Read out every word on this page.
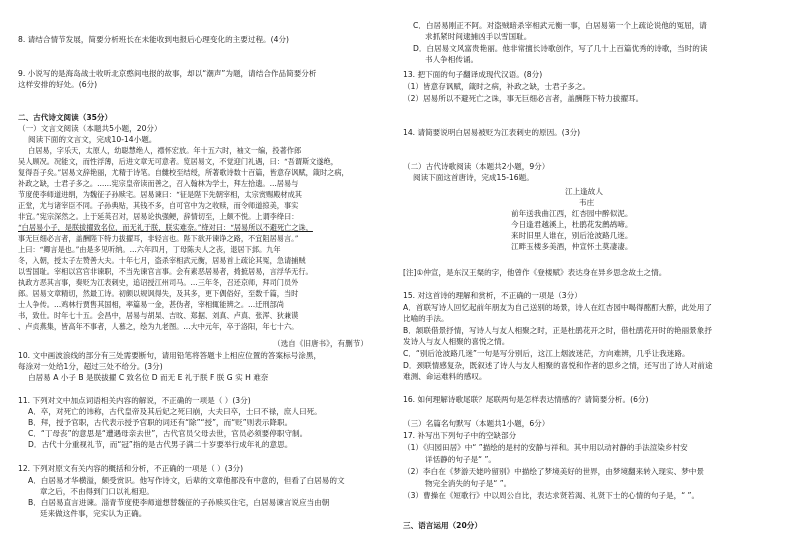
8. 请结合情节发展，简要分析班长在未能收到电报后心理变化的主要过程。(4分)
9. 小说写的是海岛战士收听北京憨间电报的故事，却以“潮声”为题，请结合作品简要分析
这样安排的好处。(6分)
二、古代诗文阅读（35分）
（一）文言文阅读（本题共5小题，20分）
阅读下面的文言文，完成10-14小题。
白居易，字乐天，太原人，幼聪慧绝人，襟怀宏放。年十五六时，袖文一编，投著作郎
吴人顾况。况能文，而性浮薄，后进文章无可意者。览居易文，不觉迎门礼遇，曰：“吾谓斯文遂绝，
复得吾子矣。”居易文辞艳丽，尤精于诗笔。自雠校至结绶，所著歌诗数十百篇，皆意存讽赋，箴时之病，
补政之缺，士君子多之。……宪宗皇帝读而善之，召入翰林为学士，拜左拾遗。…居易与
节度使李师道进绢，为魏征子孙赎宅。居易谏曰：“征是陛下先朝宰相，太宗赏赐殿材成其
正堂，尤与诸宰臣不同。子孙典贴，其钱不多，自可官中为之收赎，而令师道掠美，事实
非宜。”宪宗深然之。上于延英召对，居易论执强鲠，辞情切至，上颇不悦。上谓李绛曰：
“白居易小子，是朕拔擢致名位，而无礼于朕，朕实难奈。”绛对曰：“居易所以不避死亡之诛，
事无巨细必言者，盖酬陛下特力拔擢耳，非轻言也。陛下欲开谏诤之路，不宜阻居易言。”
上曰：“卿言是也。”由是多见听纳。…六年四月，丁母陈夫人之丧，退居下邽。九年
冬，入朝，授太子左赞善大夫。十年七月，盗杀宰相武元衡，居易首上疏论其冤，急请捕贼
以雪国耻。宰相以宫官非谏职，不当先谏官言事。会有素恶居易者，掎摭居易，言浮华无行。
执政方恶其言事，奏贬为江表刺史，追诏授江州司马。…三年冬，召还京师，拜司门员外
郎。居易文章精切，然最工诗。初颇以规讽得失，及其多，更下偶俗好，至数千篇，当时
士人争传。…鸡林行贾售其国相，率篇易一金，甚伪者，宰相辄能辨之。…迁刑部尚
书，致仕。时年七十五。会昌中，居易与胡杲、吉旼、郑据、刘真、卢真、张浑、狄兼谟
、卢贞燕集，皆高年不事者，人慕之，绘为九老图。…大中元年，卒于洛阳，年七十六。
（选自《旧唐书》，有删节）
10. 文中画波浪线的部分有三处需要断句，请用铅笔将答题卡上相应位置的答案标号涂黑，
每涂对一处给1分，超过三处不给分。(3分)
白居易 A 小子 B 是朕拔擢 C 致名位 D 而无 E 礼于朕 F 朕 G 实 H 难奈
11. 下列对文中加点词语相关内容的解说，不正确的一项是（ ）(3分)
A．卒，对死亡的讳称，古代皇帝及其后妃之死曰崩，大夫曰卒，士曰不禄，庶人曰死。
B．拜，授予官职，古代表示授予官职的词还有“除”“授”，而“贬”则表示降职。
C．“丁母丧”的意思是“遭遇母亲去世”，古代官员父母去世，官员必须要停职守制。
D．古代十分重视礼节，而“冠”指的是古代男子满二十岁要举行成年礼的意思。
12. 下列对原文有关内容的概括和分析，不正确的一项是（ ）(3分)
A．白居易才华横溢，颇受赏识。他写作诗文，后辈的文章他都没有中意的，但看了白居易的文
章之后，不由得到门口以礼相迎。
B．白居易直言进谏。淄青节度使李师道想替魏征的子孙赎买住宅，白居易谏言说应当由朝
廷来做这件事，完实认为正确。
C．白居易刚正不阿。对盗贼暗杀宰相武元衡一事，白居易第一个上疏论说他的冤屈，请
求抓紧时间逮捕凶手以雪国耻。
D．白居易文风富贵艳丽。他非常擅长诗歌创作，写了几十上百篇优秀的诗歌，当时的读
书人争相传诵。
13. 把下面的句子翻译成现代汉语。(8分)
（1）皆意存讽赋，箴时之病，补政之缺，士君子多之。
（2）居易所以不避死亡之诛，事无巨细必言者，盖酬陛下特力拔擢耳。
14. 请简要说明白居易被贬为江表刺史的原因。(3分)
（二）古代诗歌阅读（本题共2小题，9分）
阅读下面这首唐诗，完成15-16题。
江上逢故人
韦庄
前年送我曲江西，红杏园中醉似泥。
今日逢君越溪上，杜鹃花发鹧鸪啼。
来时旧里人谁在，别后沧波路几迷。
江畔玉楼多美酒，仲宣怀土莫凄凄。
[注]①仲宣，是东汉王粲的字，他曾作《登楼赋》表达身在异乡思念故土之情。
15. 对这首诗的理解和赏析，不正确的一项是（3分）
A．首联写诗人回忆起前年朋友为自己送别的场景，诗人在红杏园中喝得酩酊大醉，此处用了
比喻的手法。
B．颔联借景抒情，写诗人与友人相聚之时，正是杜鹃花开之时，借杜鹃花开时的艳丽景象抒
发诗人与友人相聚的喜悦之情。
C．“别后沧波路几迷”一句是写分别后，这江上烟波迷茫，方向难辨，几乎让我迷路。
D．颈联情感复杂，既叙述了诗人与友人相聚的喜悦和作者的思乡之情，还写出了诗人对前途
难测、命运难料的感叹。
16. 如何理解诗歌尾联？尾联两句是怎样表达情感的？请简要分析。(6分)
（三）名篇名句默写（本题共1小题，6分）
17. 补写出下列句子中的空缺部分
（1）《归园田居》中“ ”描绘的是村的安静与祥和。其中用以动衬静的手法渲染乡村安
详恬静的句子是“ ”。
（2）李白在《梦游天姥吟留别》中描绘了梦境美好的世界，由梦境翻来转入现实、梦中景
物完全消失的句子是“ ”。
（3）曹操在《短歌行》中以周公自比，表达求贤若渴、礼贤下士的心情的句子是，“ ”。
三、语言运用（20分）
